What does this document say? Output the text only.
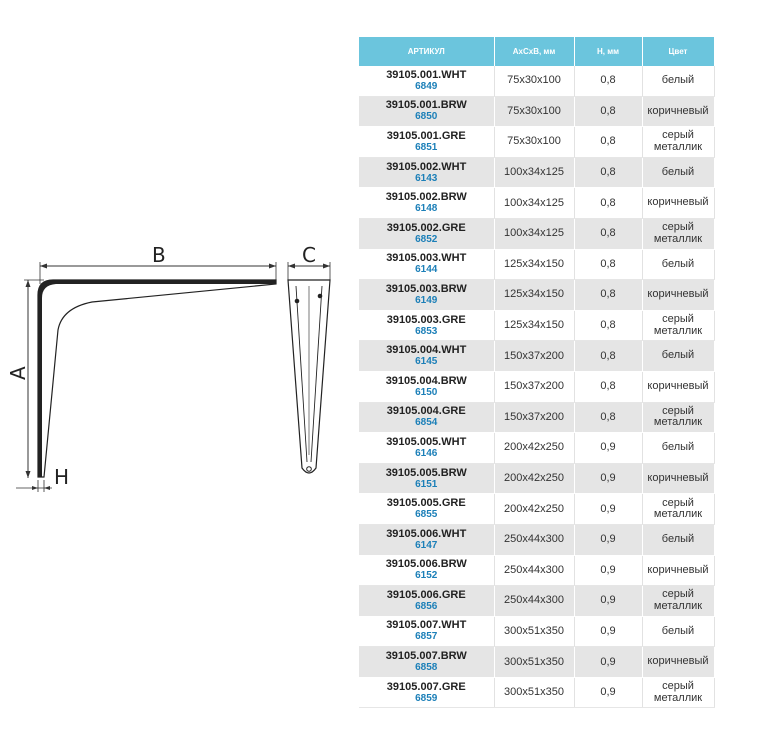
B
A
H
C
АРТИКУЛ	АхСхВ, мм	Н, мм	Цвет

39105.001.WHT
6849	75x30x100	0,8	белый

39105.001.BRW
6850	75x30x100	0,8	коричневый

39105.001.GRE
6851	75x30x100	0,8	серый
металлик

39105.002.WHT
6143	100x34x125	0,8	белый

39105.002.BRW
6148	100x34x125	0,8	коричневый

39105.002.GRE
6852	100x34x125	0,8	серый
металлик

39105.003.WHT
6144	125x34x150	0,8	белый

39105.003.BRW
6149	125x34x150	0,8	коричневый

39105.003.GRE
6853	125x34x150	0,8	серый
металлик

39105.004.WHT
6145	150x37x200	0,8	белый

39105.004.BRW
6150	150x37x200	0,8	коричневый

39105.004.GRE
6854	150x37x200	0,8	серый
металлик

39105.005.WHT
6146	200x42x250	0,9	белый

39105.005.BRW
6151	200x42x250	0,9	коричневый

39105.005.GRE
6855	200x42x250	0,9	серый
металлик

39105.006.WHT
6147	250x44x300	0,9	белый

39105.006.BRW
6152	250x44x300	0,9	коричневый

39105.006.GRE
6856	250x44x300	0,9	серый
металлик

39105.007.WHT
6857	300x51x350	0,9	белый

39105.007.BRW
6858	300x51x350	0,9	коричневый

39105.007.GRE
6859	300x51x350	0,9	серый
металлик
